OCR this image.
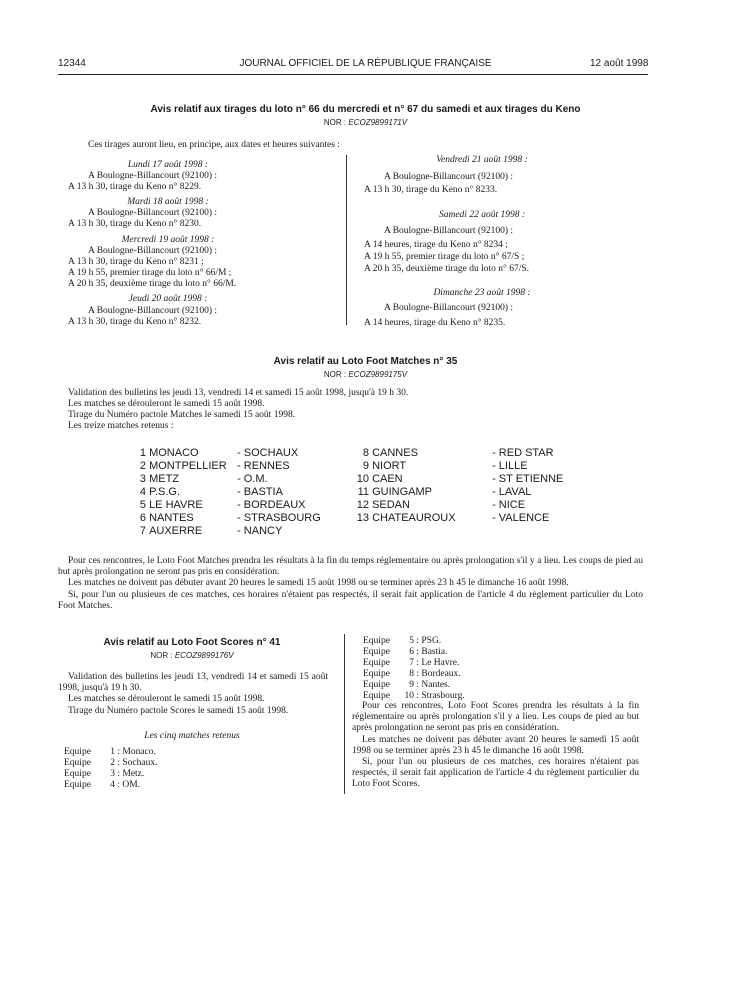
12344	JOURNAL OFFICIEL DE LA RÉPUBLIQUE FRANÇAISE	12 août 1998
Avis relatif aux tirages du loto n° 66 du mercredi et n° 67 du samedi et aux tirages du Keno
NOR : ECOZ9899171V
Ces tirages auront lieu, en principe, aux dates et heures suivantes :
Lundi 17 août 1998 :
A Boulogne-Billancourt (92100) :
A 13 h 30, tirage du Keno n° 8229.
Mardi 18 août 1998 :
A Boulogne-Billancourt (92100) :
A 13 h 30, tirage du Keno n° 8230.
Mercredi 19 août 1998 :
A Boulogne-Billancourt (92100) :
A 13 h 30, tirage du Keno n° 8231 ;
A 19 h 55, premier tirage du loto n° 66/M ;
A 20 h 35, deuxième tirage du loto n° 66/M.
Jeudi 20 août 1998 :
A Boulogne-Billancourt (92100) :
A 13 h 30, tirage du Keno n° 8232.
Vendredi 21 août 1998 :
A Boulogne-Billancourt (92100) :
A 13 h 30, tirage du Keno n° 8233.
Samedi 22 août 1998 :
A Boulogne-Billancourt (92100) :
A 14 heures, tirage du Keno n° 8234 ;
A 19 h 55, premier tirage du loto n° 67/S ;
A 20 h 35, deuxième tirage du loto n° 67/S.
Dimanche 23 août 1998 :
A Boulogne-Billancourt (92100) :
A 14 heures, tirage du Keno n° 8235.
Avis relatif au Loto Foot Matches n° 35
NOR : ECOZ9899175V
Validation des bulletins les jeudi 13, vendredi 14 et samedi 15 août 1998, jusqu'à 19 h 30.
Les matches se dérouleront le samedi 15 août 1998.
Tirage du Numéro pactole Matches le samedi 15 août 1998.
Les treize matches retenus :
1 MONACO	- SOCHAUX
2 MONTPELLIER - RENNES
3 METZ	- O.M.
4 P.S.G.	- BASTIA
5 LE HAVRE	- BORDEAUX
6 NANTES	- STRASBOURG
7 AUXERRE	- NANCY
8 CANNES	- RED STAR
9 NIORT	- LILLE
10 CAEN	- ST ETIENNE
11 GUINGAMP	- LAVAL
12 SEDAN	- NICE
13 CHATEAUROUX	- VALENCE
Pour ces rencontres, le Loto Foot Matches prendra les résultats à la fin du temps réglementaire ou après prolongation s'il y a lieu. Les coups de pied au but après prolongation ne seront pas pris en considération.
Les matches ne doivent pas débuter avant 20 heures le samedi 15 août 1998 ou se terminer après 23 h 45 le dimanche 16 août 1998.
Si, pour l'un ou plusieurs de ces matches, ces horaires n'étaient pas respectés, il serait fait application de l'article 4 du règlement particulier du Loto Foot Matches.
Avis relatif au Loto Foot Scores n° 41
NOR : ECOZ9899176V
Validation des bulletins les jeudi 13, vendredi 14 et samedi 15 août 1998, jusqu'à 19 h 30.
Les matches se dérouleront le samedi 15 août 1998.
Tirage du Numéro pactole Scores le samedi 15 août 1998.
Les cinq matches retenus
Equipe 1 : Monaco.
Equipe 2 : Sochaux.
Equipe 3 : Metz.
Equipe 4 : OM.
Equipe 5 : PSG.
Equipe 6 : Bastia.
Equipe 7 : Le Havre.
Equipe 8 : Bordeaux.
Equipe 9 : Nantes.
Equipe 10 : Strasbourg.
Pour ces rencontres, Loto Foot Scores prendra les résultats à la fin réglementaire ou après prolongation s'il y a lieu. Les coups de pied au but après prolongation ne seront pas pris en considération.
Les matches ne doivent pas débuter avant 20 heures le samedi 15 août 1998 ou se terminer après 23 h 45 le dimanche 16 août 1998.
Si, pour l'un ou plusieurs de ces matches, ces horaires n'étaient pas respectés, il serait fait application de l'article 4 du règlement particulier du Loto Foot Scores.
